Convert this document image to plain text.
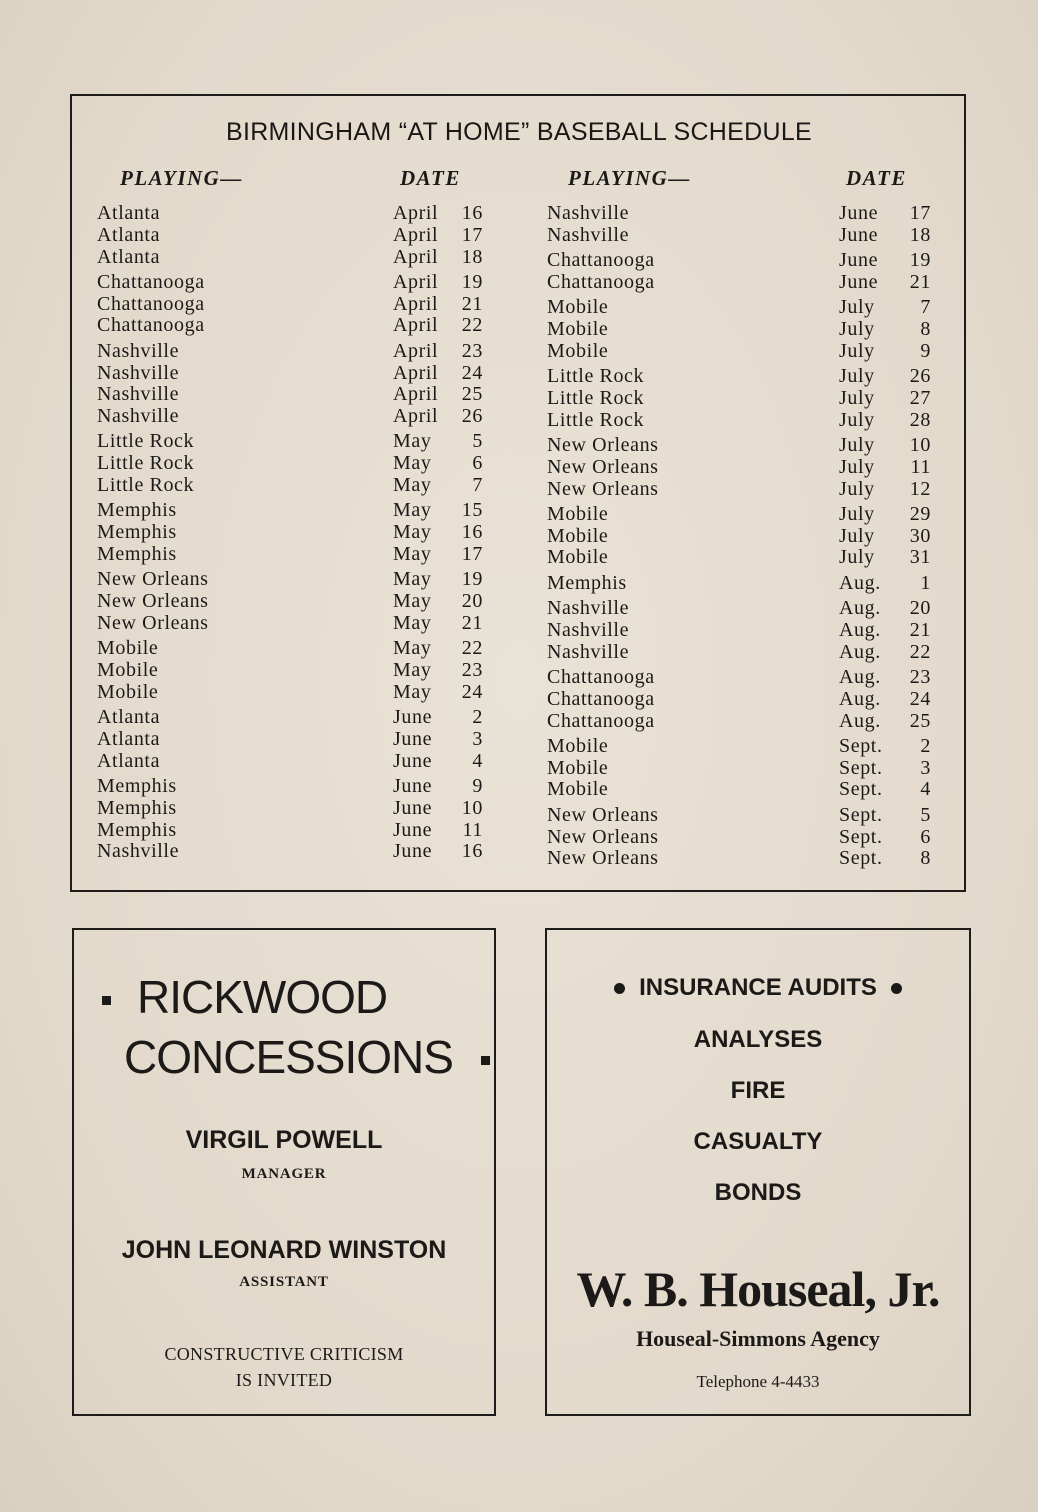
BIRMINGHAM “AT HOME” BASEBALL SCHEDULE
PLAYING—	DATE	PLAYING—	DATE
Atlanta	April 16
Atlanta	April 17
Atlanta	April 18
Chattanooga	April 19
Chattanooga	April 21
Chattanooga	April 22
Nashville	April 23
Nashville	April 24
Nashville	April 25
Nashville	April 26
Little Rock	May 5
Little Rock	May 6
Little Rock	May 7
Memphis	May 15
Memphis	May 16
Memphis	May 17
New Orleans	May 19
New Orleans	May 20
New Orleans	May 21
Mobile	May 22
Mobile	May 23
Mobile	May 24
Atlanta	June 2
Atlanta	June 3
Atlanta	June 4
Memphis	June 9
Memphis	June 10
Memphis	June 11
Nashville	June 16
Nashville	June 17
Nashville	June 18
Chattanooga	June 19
Chattanooga	June 21
Mobile	July 7
Mobile	July 8
Mobile	July 9
Little Rock	July 26
Little Rock	July 27
Little Rock	July 28
New Orleans	July 10
New Orleans	July 11
New Orleans	July 12
Mobile	July 29
Mobile	July 30
Mobile	July 31
Memphis	Aug. 1
Nashville	Aug. 20
Nashville	Aug. 21
Nashville	Aug. 22
Chattanooga	Aug. 23
Chattanooga	Aug. 24
Chattanooga	Aug. 25
Mobile	Sept. 2
Mobile	Sept. 3
Mobile	Sept. 4
New Orleans	Sept. 5
New Orleans	Sept. 6
New Orleans	Sept. 8
RICKWOOD
CONCESSIONS
VIRGIL POWELL
MANAGER
JOHN LEONARD WINSTON
ASSISTANT
CONSTRUCTIVE CRITICISM
IS INVITED
INSURANCE AUDITS
ANALYSES
FIRE
CASUALTY
BONDS
W. B. Houseal, Jr.
Houseal-Simmons Agency
Telephone 4-4433
